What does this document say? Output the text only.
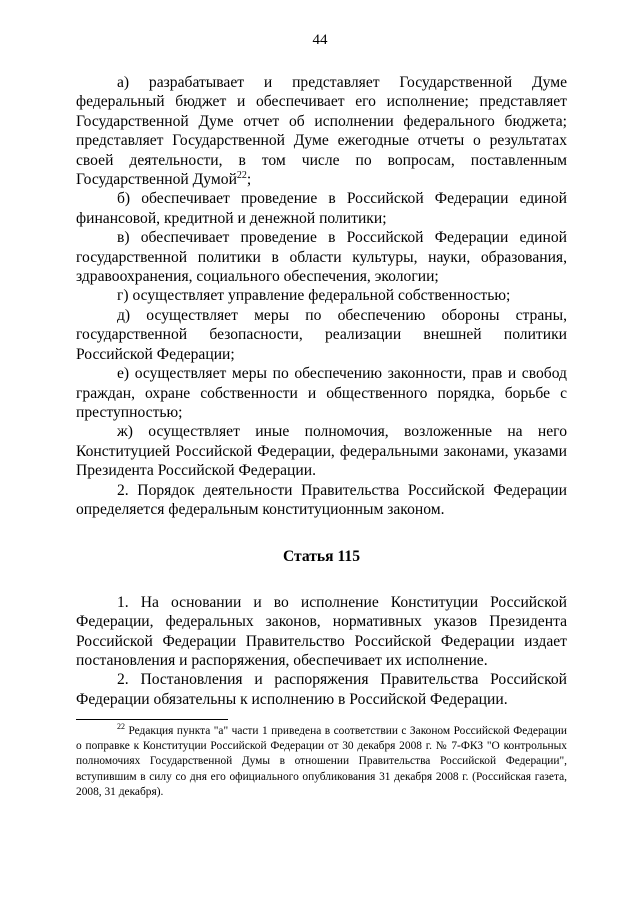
44

а) разрабатывает и представляет Государственной Думе федеральный бюджет и обеспечивает его исполнение; представляет Государственной Думе отчет об исполнении федерального бюджета; представляет Государственной Думе ежегодные отчеты о результатах своей деятельности, в том числе по вопросам, поставленным Государственной Думой$^{22}$;

б) обеспечивает проведение в Российской Федерации единой финансовой, кредитной и денежной политики;

в) обеспечивает проведение в Российской Федерации единой государственной политики в области культуры, науки, образования, здравоохранения, социального обеспечения, экологии;

г) осуществляет управление федеральной собственностью;

д) осуществляет меры по обеспечению обороны страны, государственной безопасности, реализации внешней политики Российской Федерации;

е) осуществляет меры по обеспечению законности, прав и свобод граждан, охране собственности и общественного порядка, борьбе с преступностью;

ж) осуществляет иные полномочия, возложенные на него Конституцией Российской Федерации, федеральными законами, указами Президента Российской Федерации.

2. Порядок деятельности Правительства Российской Федерации определяется федеральным конституционным законом.

Статья 115

1. На основании и во исполнение Конституции Российской Федерации, федеральных законов, нормативных указов Президента Российской Федерации Правительство Российской Федерации издает постановления и распоряжения, обеспечивает их исполнение.

2. Постановления и распоряжения Правительства Российской Федерации обязательны к исполнению в Российской Федерации.

$^{22}$ Редакция пункта "а" части 1 приведена в соответствии с Законом Российской Федерации о поправке к Конституции Российской Федерации от 30 декабря 2008 г. № 7-ФКЗ "О контрольных полномочиях Государственной Думы в отношении Правительства Российской Федерации", вступившим в силу со дня его официального опубликования 31 декабря 2008 г. (Российская газета, 2008, 31 декабря).
